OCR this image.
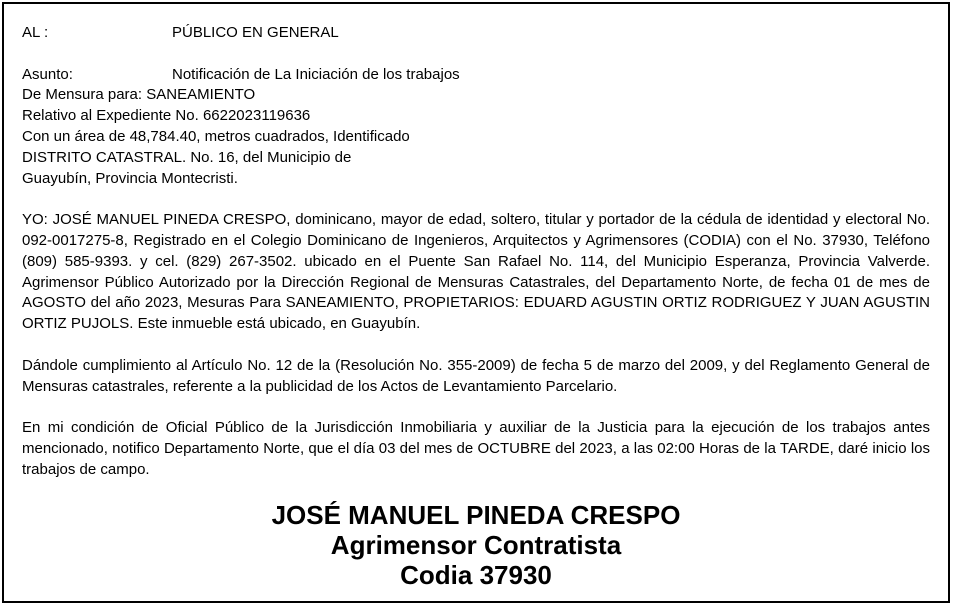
AL :	PÚBLICO EN GENERAL
Asunto:	Notificación de La Iniciación de los trabajos
De Mensura para: SANEAMIENTO
Relativo al Expediente No. 6622023119636
Con un área de 48,784.40, metros cuadrados, Identificado
DISTRITO CATASTRAL. No. 16, del Municipio de
Guayubín, Provincia Montecristi.

YO: JOSÉ MANUEL PINEDA CRESPO, dominicano, mayor de edad, soltero, titular y portador de la cédula de identidad y electoral No. 092-0017275-8, Registrado en el Colegio Dominicano de Ingenieros, Arquitectos y Agrimensores (CODIA) con el No. 37930, Teléfono (809) 585-9393. y cel. (829) 267-3502. ubicado en el Puente San Rafael No. 114, del Municipio Esperanza, Provincia Valverde. Agrimensor Público Autorizado por la Dirección Regional de Mensuras Catastrales, del Departamento Norte, de fecha 01 de mes de AGOSTO del año 2023, Mesuras Para SANEAMIENTO, PROPIETARIOS: EDUARD AGUSTIN ORTIZ RODRIGUEZ Y JUAN AGUSTIN ORTIZ PUJOLS. Este inmueble está ubicado, en Guayubín.

Dándole cumplimiento al Artículo No. 12 de la (Resolución No. 355-2009) de fecha 5 de marzo del 2009, y del Reglamento General de Mensuras catastrales, referente a la publicidad de los Actos de Levantamiento Parcelario.

En mi condición de Oficial Público de la Jurisdicción Inmobiliaria y auxiliar de la Justicia para la ejecución de los trabajos antes mencionado, notifico Departamento Norte, que el día 03 del mes de OCTUBRE del 2023, a las 02:00 Horas de la TARDE, daré inicio los trabajos de campo.

JOSÉ MANUEL PINEDA CRESPO
Agrimensor Contratista
Codia 37930
